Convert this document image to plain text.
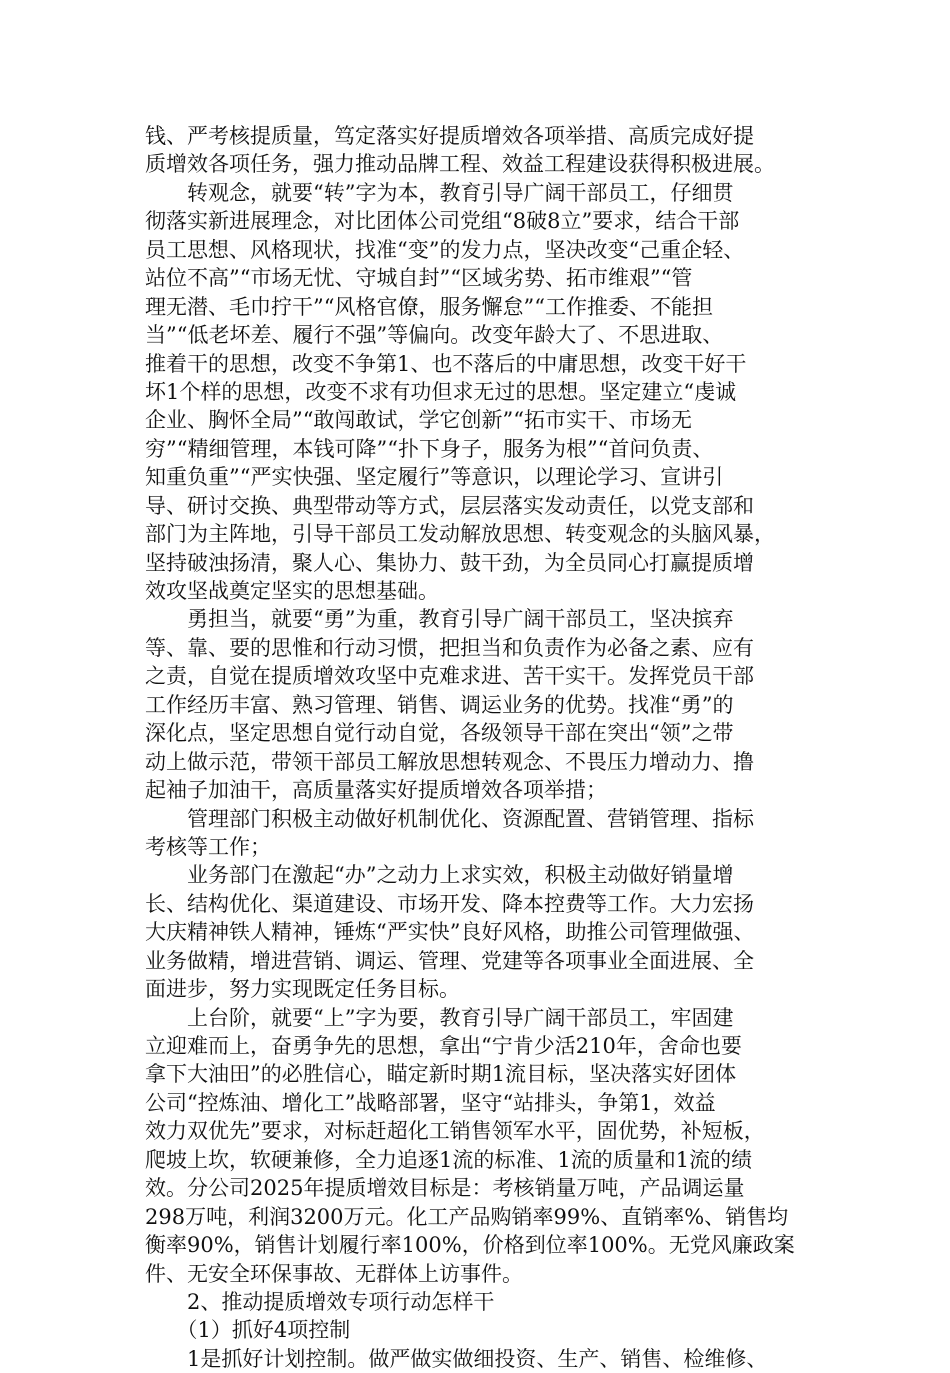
钱、严考核提质量，笃定落实好提质增效各项举措、高质完成好提
质增效各项任务，强力推动品牌工程、效益工程建设获得积极进展。
　　转观念，就要“转”字为本，教育引导广阔干部员工，仔细贯
彻落实新进展理念，对比团体公司党组“8破8立”要求，结合干部
员工思想、风格现状，找准“变”的发力点，坚决改变“己重企轻、
站位不高”“市场无忧、守城自封”“区域劣势、拓市维艰”“管
理无潜、毛巾拧干”“风格官僚，服务懈怠”“工作推委、不能担
当”“低老坏差、履行不强”等偏向。改变年龄大了、不思进取、
推着干的思想，改变不争第1、也不落后的中庸思想，改变干好干
坏1个样的思想，改变不求有功但求无过的思想。坚定建立“虔诚
企业、胸怀全局”“敢闯敢试，学它创新”“拓市实干、市场无
穷”“精细管理，本钱可降”“扑下身子，服务为根”“首问负责、
知重负重”“严实快强、坚定履行”等意识，以理论学习、宣讲引
导、研讨交换、典型带动等方式，层层落实发动责任，以党支部和
部门为主阵地，引导干部员工发动解放思想、转变观念的头脑风暴，
坚持破浊扬清，聚人心、集协力、鼓干劲，为全员同心打赢提质增
效攻坚战奠定坚实的思想基础。
　　勇担当，就要“勇”为重，教育引导广阔干部员工，坚决摈弃
等、靠、要的思惟和行动习惯，把担当和负责作为必备之素、应有
之责，自觉在提质增效攻坚中克难求进、苦干实干。发挥党员干部
工作经历丰富、熟习管理、销售、调运业务的优势。找准“勇”的
深化点，坚定思想自觉行动自觉，各级领导干部在突出“领”之带
动上做示范，带领干部员工解放思想转观念、不畏压力增动力、撸
起袖子加油干，高质量落实好提质增效各项举措；
　　管理部门积极主动做好机制优化、资源配置、营销管理、指标
考核等工作；
　　业务部门在激起“办”之动力上求实效，积极主动做好销量增
长、结构优化、渠道建设、市场开发、降本控费等工作。大力宏扬
大庆精神铁人精神，锤炼“严实快”良好风格，助推公司管理做强、
业务做精，增进营销、调运、管理、党建等各项事业全面进展、全
面进步，努力实现既定任务目标。
　　上台阶，就要“上”字为要，教育引导广阔干部员工，牢固建
立迎难而上，奋勇争先的思想，拿出“宁肯少活210年，舍命也要
拿下大油田”的必胜信心，瞄定新时期1流目标，坚决落实好团体
公司“控炼油、增化工”战略部署，坚守“站排头，争第1，效益
效力双优先”要求，对标赶超化工销售领军水平，固优势，补短板，
爬坡上坎，软硬兼修，全力追逐1流的标准、1流的质量和1流的绩
效。分公司2025年提质增效目标是：考核销量万吨，产品调运量
298万吨，利润3200万元。化工产品购销率99%、直销率%、销售均
衡率90%，销售计划履行率100%，价格到位率100%。无党风廉政案
件、无安全环保事故、无群体上访事件。
　　2、推动提质增效专项行动怎样干
　　（1）抓好4项控制
　　1是抓好计划控制。做严做实做细投资、生产、销售、检维修、
